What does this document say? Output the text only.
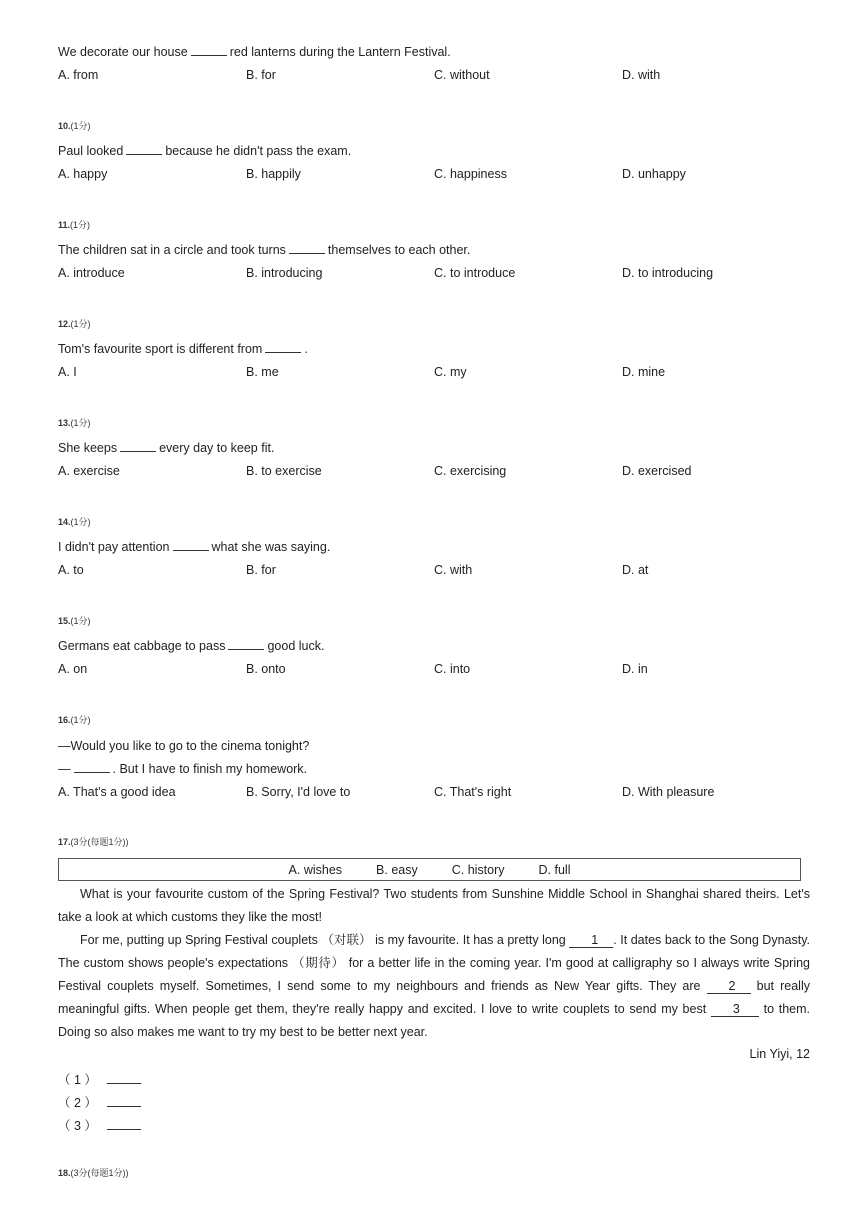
We decorate our house	red lanterns during the Lantern Festival.
A. from	B. for	C. without	D. with
10.(1分)
Paul looked	because he didn't pass the exam.
A. happy	B. happily	C. happiness	D. unhappy
11.(1分)
The children sat in a circle and took turns	themselves to each other.
A. introduce	B. introducing	C. to introduce	D. to introducing
12.(1分)
Tom's favourite sport is different from	.
A. I	B. me	C. my	D. mine
13.(1分)
She keeps	every day to keep fit.
A. exercise	B. to exercise	C. exercising	D. exercised
14.(1分)
I didn't pay attention	what she was saying.
A. to	B. for	C. with	D. at
15.(1分)
Germans eat cabbage to pass	good luck.
A. on	B. onto	C. into	D. in
16.(1分)
—Would you like to go to the cinema tonight?
—	. But I have to finish my homework.
A. That's a good idea	B. Sorry, I'd love to	C. That's right	D. With pleasure
17.(3分(每题1分))
A. wishes	B. easy	C. history	D. full
What is your favourite custom of the Spring Festival? Two students from Sunshine Middle School in Shanghai shared theirs. Let's take a look at which customs they like the most!
For me, putting up Spring Festival couplets （对联） is my favourite. It has a pretty long 1 . It dates back to the Song Dynasty. The custom shows people's expectations （期待） for a better life in the coming year. I'm good at calligraphy so I always write Spring Festival couplets myself. Sometimes, I send some to my neighbours and friends as New Year gifts. They are 2 but really meaningful gifts. When people get them, they're really happy and excited. I love to write couplets to send my best 3 to them. Doing so also makes me want to try my best to be better next year.
Lin Yiyi, 12
（ 1 ）
（ 2 ）
（ 3 ）
18.(3分(每题1分))
